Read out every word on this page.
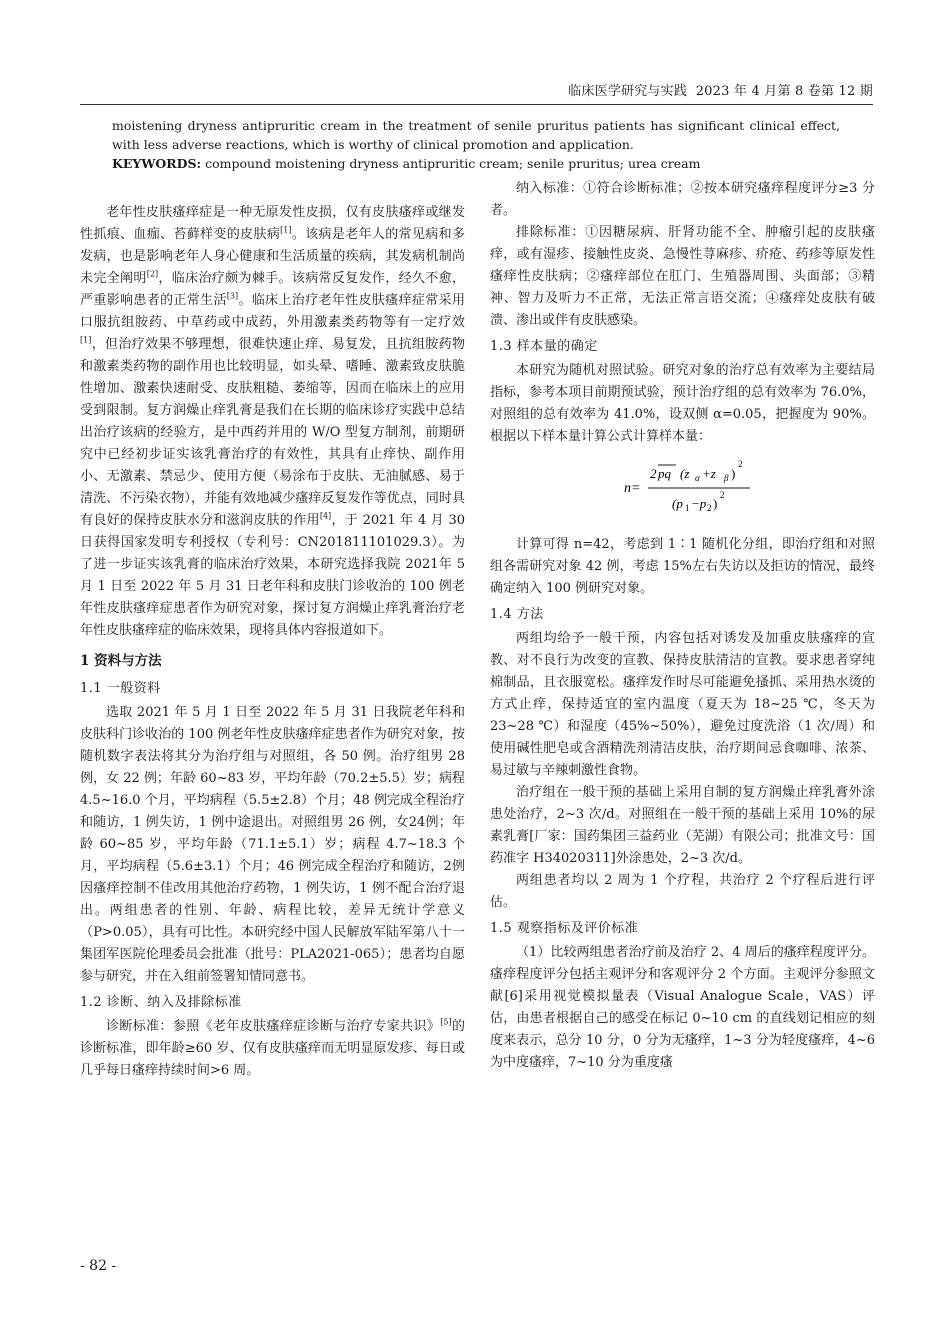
临床医学研究与实践 2023 年 4 月第 8 卷第 12 期
moistening dryness antipruritic cream in the treatment of senile pruritus patients has significant clinical effect, with less adverse reactions, which is worthy of clinical promotion and application.
KEYWORDS: compound moistening dryness antipruritic cream; senile pruritus; urea cream

老年性皮肤瘙痒症是一种无原发性皮损，仅有皮肤瘙痒或继发性抓痕、血痂、苔藓样变的皮肤病[1]。该病是老年人的常见病和多发病，也是影响老年人身心健康和生活质量的疾病，其发病机制尚未完全阐明[2]，临床治疗颇为棘手。该病常反复发作，经久不愈，严重影响患者的正常生活[3]。临床上治疗老年性皮肤瘙痒症常采用口服抗组胺药、中草药或中成药，外用激素类药物等有一定疗效[1]，但治疗效果不够理想，很难快速止痒、易复发，且抗组胺药物和激素类药物的副作用也比较明显，如头晕、嗜睡、激素致皮肤脆性增加、激素快速耐受、皮肤粗糙、萎缩等，因而在临床上的应用受到限制。复方润燥止痒乳膏是我们在长期的临床诊疗实践中总结出治疗该病的经验方，是中西药并用的 W/O 型复方制剂，前期研究中已经初步证实该乳膏治疗的有效性，其具有止痒快、副作用小、无激素、禁忌少、使用方便（易涂布于皮肤、无油腻感、易于清洗、不污染衣物），并能有效地减少瘙痒反复发作等优点，同时具有良好的保持皮肤水分和滋润皮肤的作用[4]，于 2021 年 4 月 30日获得国家发明专利授权（专利号：CN201811101029.3）。为了进一步证实该乳膏的临床治疗效果，本研究选择我院 2021年 5 月 1 日至 2022 年 5 月 31 日老年科和皮肤门诊收治的 100 例老年性皮肤瘙痒症患者作为研究对象，探讨复方润燥止痒乳膏治疗老年性皮肤瘙痒症的临床效果，现将具体内容报道如下。

1 资料与方法
1.1 一般资料

选取 2021 年 5 月 1 日至 2022 年 5 月 31 日我院老年科和皮肤科门诊收治的 100 例老年性皮肤瘙痒症患者作为研究对象，按随机数字表法将其分为治疗组与对照组，各 50 例。治疗组男 28 例，女 22 例；年龄 60~83 岁，平均年龄（70.2±5.5）岁；病程 4.5~16.0 个月，平均病程（5.5±2.8）个月；48 例完成全程治疗和随访，1 例失访，1 例中途退出。对照组男 26 例，女24例；年龄 60~85 岁，平均年龄（71.1±5.1）岁；病程 4.7~18.3 个月，平均病程（5.6±3.1）个月；46 例完成全程治疗和随访，2例因瘙痒控制不佳改用其他治疗药物，1 例失访，1 例不配合治疗退出。两组患者的性别、年龄、病程比较，差异无统计学意义（P>0.05），具有可比性。本研究经中国人民解放军陆军第八十一集团军医院伦理委员会批准（批号：PLA2021-065）；患者均自愿参与研究，并在入组前签署知情同意书。

1.2 诊断、纳入及排除标准

诊断标准：参照《老年皮肤瘙痒症诊断与治疗专家共识》[5]的诊断标准，即年龄≥60 岁、仅有皮肤瘙痒而无明显原发疹、每日或几乎每日瘙痒持续时间>6 周。

纳入标准：①符合诊断标准；②按本研究瘙痒程度评分≥3 分者。

排除标准：①因糖尿病、肝肾功能不全、肿瘤引起的皮肤瘙痒，或有湿疹、接触性皮炎、急慢性荨麻疹、疥疮、药疹等原发性瘙痒性皮肤病；②瘙痒部位在肛门、生殖器周围、头面部；③精神、智力及听力不正常，无法正常言语交流；④瘙痒处皮肤有破溃、渗出或伴有皮肤感染。

1.3 样本量的确定

本研究为随机对照试验。研究对象的治疗总有效率为主要结局指标，参考本项目前期预试验，预计治疗组的总有效率为 76.0%，对照组的总有效率为 41.0%，设双侧 α=0.05，把握度为 90%。根据以下样本量计算公式计算样本量：

n=
2 pq (z α +z β )
2
(p 1 −p 2 )
2

计算可得 n=42，考虑到 1∶1 随机化分组，即治疗组和对照组各需研究对象 42 例，考虑 15%左右失访以及拒访的情况，最终确定纳入 100 例研究对象。

1.4 方法

两组均给予一般干预，内容包括对诱发及加重皮肤瘙痒的宣教、对不良行为改变的宣教、保持皮肤清洁的宣教。要求患者穿纯棉制品，且衣服宽松。瘙痒发作时尽可能避免搔抓、采用热水烫的方式止痒，保持适宜的室内温度（夏天为 18~25 ℃，冬天为 23~28 ℃）和湿度（45%~50%），避免过度洗浴（1 次/周）和使用碱性肥皂或含酒精洗剂清洁皮肤，治疗期间忌食咖啡、浓茶、易过敏与辛辣刺激性食物。

治疗组在一般干预的基础上采用自制的复方润燥止痒乳膏外涂患处治疗，2~3 次/d。对照组在一般干预的基础上采用 10%的尿素乳膏[厂家：国药集团三益药业（芜湖）有限公司；批准文号：国药准字 H34020311]外涂患处，2~3 次/d。

两组患者均以 2 周为 1 个疗程，共治疗 2 个疗程后进行评估。

1.5 观察指标及评价标准

（1）比较两组患者治疗前及治疗 2、4 周后的瘙痒程度评分。瘙痒程度评分包括主观评分和客观评分 2 个方面。主观评分参照文献[6]采用视觉模拟量表（Visual Analogue Scale，VAS）评估，由患者根据自己的感受在标记 0~10 cm 的直线划记相应的刻度来表示，总分 10 分，0 分为无瘙痒，1~3 分为轻度瘙痒，4~6 为中度瘙痒，7~10 分为重度瘙

- 82 -
